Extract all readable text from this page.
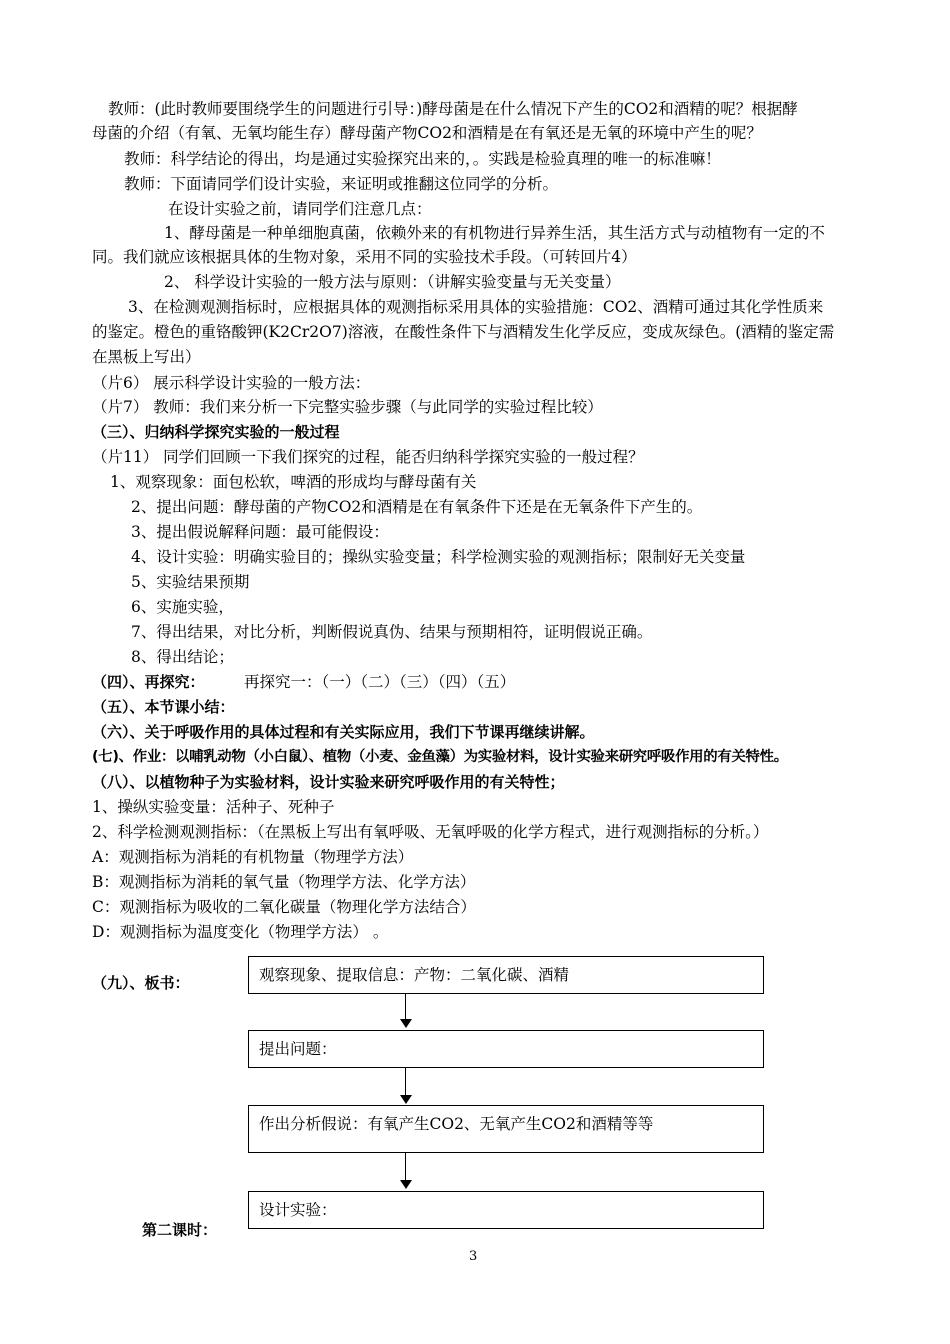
教师：(此时教师要围绕学生的问题进行引导：)酵母菌是在什么情况下产生的CO2和酒精的呢？根据酵
母菌的介绍（有氧、无氧均能生存）酵母菌产物CO2和酒精是在有氧还是无氧的环境中产生的呢？
教师：科学结论的得出，均是通过实验探究出来的，。实践是检验真理的唯一的标准嘛！
教师：下面请同学们设计实验，来证明或推翻这位同学的分析。
在设计实验之前，请同学们注意几点：
1、酵母菌是一种单细胞真菌，依赖外来的有机物进行异养生活，其生活方式与动植物有一定的不
同。我们就应该根据具体的生物对象，采用不同的实验技术手段。（可转回片4）
2、 科学设计实验的一般方法与原则：（讲解实验变量与无关变量）
3、在检测观测指标时，应根据具体的观测指标采用具体的实验措施：CO2、酒精可通过其化学性质来
的鉴定。橙色的重铬酸钾(K2Cr2O7)溶液，在酸性条件下与酒精发生化学反应，变成灰绿色。(酒精的鉴定需
在黑板上写出）
（片6） 展示科学设计实验的一般方法：
（片7） 教师：我们来分析一下完整实验步骤（与此同学的实验过程比较）
（三）、归纳科学探究实验的一般过程
（片11） 同学们回顾一下我们探究的过程，能否归纳科学探究实验的一般过程？
1、观察现象：面包松软，啤酒的形成均与酵母菌有关
2、提出问题：酵母菌的产物CO2和酒精是在有氧条件下还是在无氧条件下产生的。
3、提出假说解释问题：最可能假设：
4、设计实验：明确实验目的；操纵实验变量；科学检测实验的观测指标；限制好无关变量
5、实验结果预期
6、实施实验，
7、得出结果，对比分析，判断假说真伪、结果与预期相符，证明假说正确。
8、得出结论；
（四）、再探究：	再探究一：（一）（二）（三）（四）（五）
（五）、本节课小结：
（六）、关于呼吸作用的具体过程和有关实际应用，我们下节课再继续讲解。
(七)、作业：以哺乳动物（小白鼠）、植物（小麦、金鱼藻）为实验材料，设计实验来研究呼吸作用的有关特性。
（八）、以植物种子为实验材料，设计实验来研究呼吸作用的有关特性；
1、操纵实验变量：活种子、死种子
2、科学检测观测指标：（在黑板上写出有氧呼吸、无氧呼吸的化学方程式，进行观测指标的分析。）
A：观测指标为消耗的有机物量（物理学方法）
B：观测指标为消耗的氧气量（物理学方法、化学方法）
C：观测指标为吸收的二氧化碳量（物理化学方法结合）
D：观测指标为温度变化（物理学方法） 。
（九）、板书：	观察现象、提取信息：产物：二氧化碳、酒精
提出问题：
作出分析假说：有氧产生CO2、无氧产生CO2和酒精等等
设计实验：
第二课时：
3
